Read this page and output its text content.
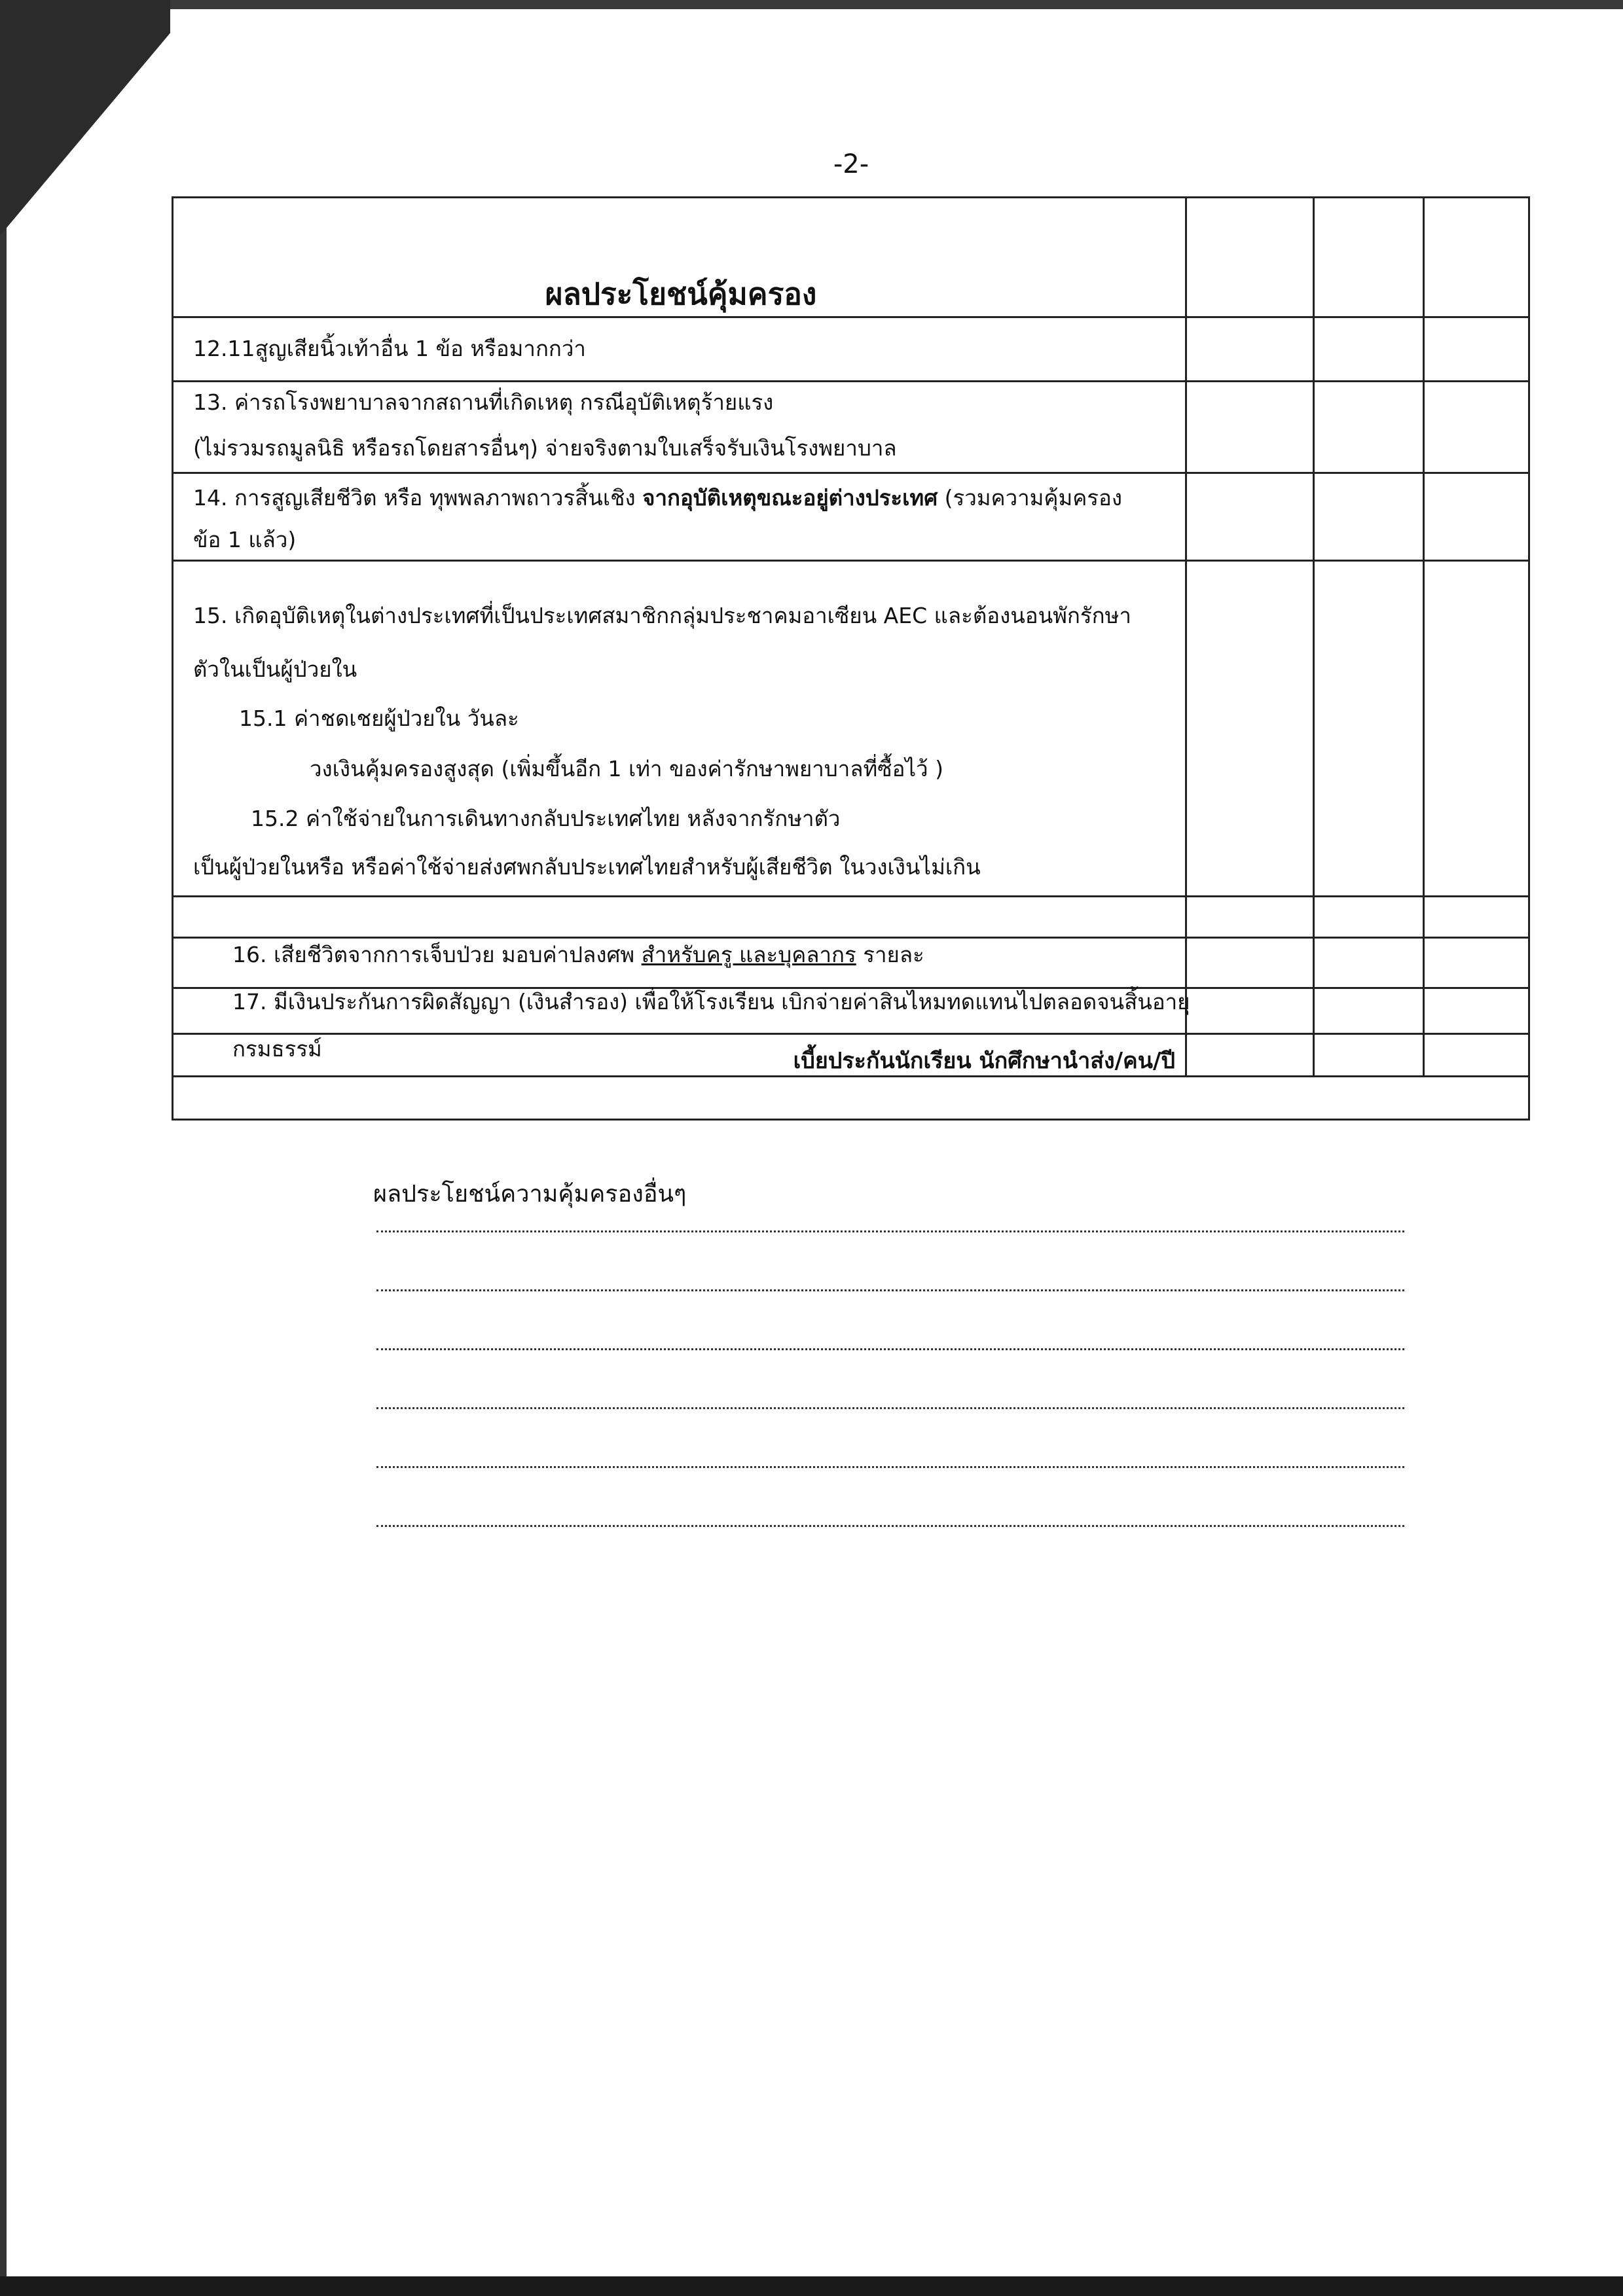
-2-
ผลประโยชน์คุ้มครอง
12.11สูญเสียนิ้วเท้าอื่น 1 ข้อ หรือมากกว่า
13. ค่ารถโรงพยาบาลจากสถานที่เกิดเหตุ กรณีอุบัติเหตุร้ายแรง
(ไม่รวมรถมูลนิธิ หรือรถโดยสารอื่นๆ) จ่ายจริงตามใบเสร็จรับเงินโรงพยาบาล
14. การสูญเสียชีวิต หรือ ทุพพลภาพถาวรสิ้นเชิง จากอุบัติเหตุขณะอยู่ต่างประเทศ (รวมความคุ้มครอง
ข้อ 1 แล้ว)
15. เกิดอุบัติเหตุในต่างประเทศที่เป็นประเทศสมาชิกกลุ่มประชาคมอาเซียน AEC และต้องนอนพักรักษา
ตัวในเป็นผู้ป่วยใน
15.1 ค่าชดเชยผู้ป่วยใน วันละ
วงเงินคุ้มครองสูงสุด (เพิ่มขึ้นอีก 1 เท่า ของค่ารักษาพยาบาลที่ซื้อไว้ )
15.2 ค่าใช้จ่ายในการเดินทางกลับประเทศไทย หลังจากรักษาตัว
เป็นผู้ป่วยในหรือ หรือค่าใช้จ่ายส่งศพกลับประเทศไทยสำหรับผู้เสียชีวิต ในวงเงินไม่เกิน
16. เสียชีวิตจากการเจ็บป่วย มอบค่าปลงศพ สำหรับครู และบุคลากร รายละ
17. มีเงินประกันการผิดสัญญา (เงินสำรอง) เพื่อให้โรงเรียน เบิกจ่ายค่าสินไหมทดแทนไปตลอดจนสิ้นอายุ
กรมธรรม์	เบี้ยประกันนักเรียน นักศึกษานำส่ง/คน/ปี
ผลประโยชน์ความคุ้มครองอื่นๆ
